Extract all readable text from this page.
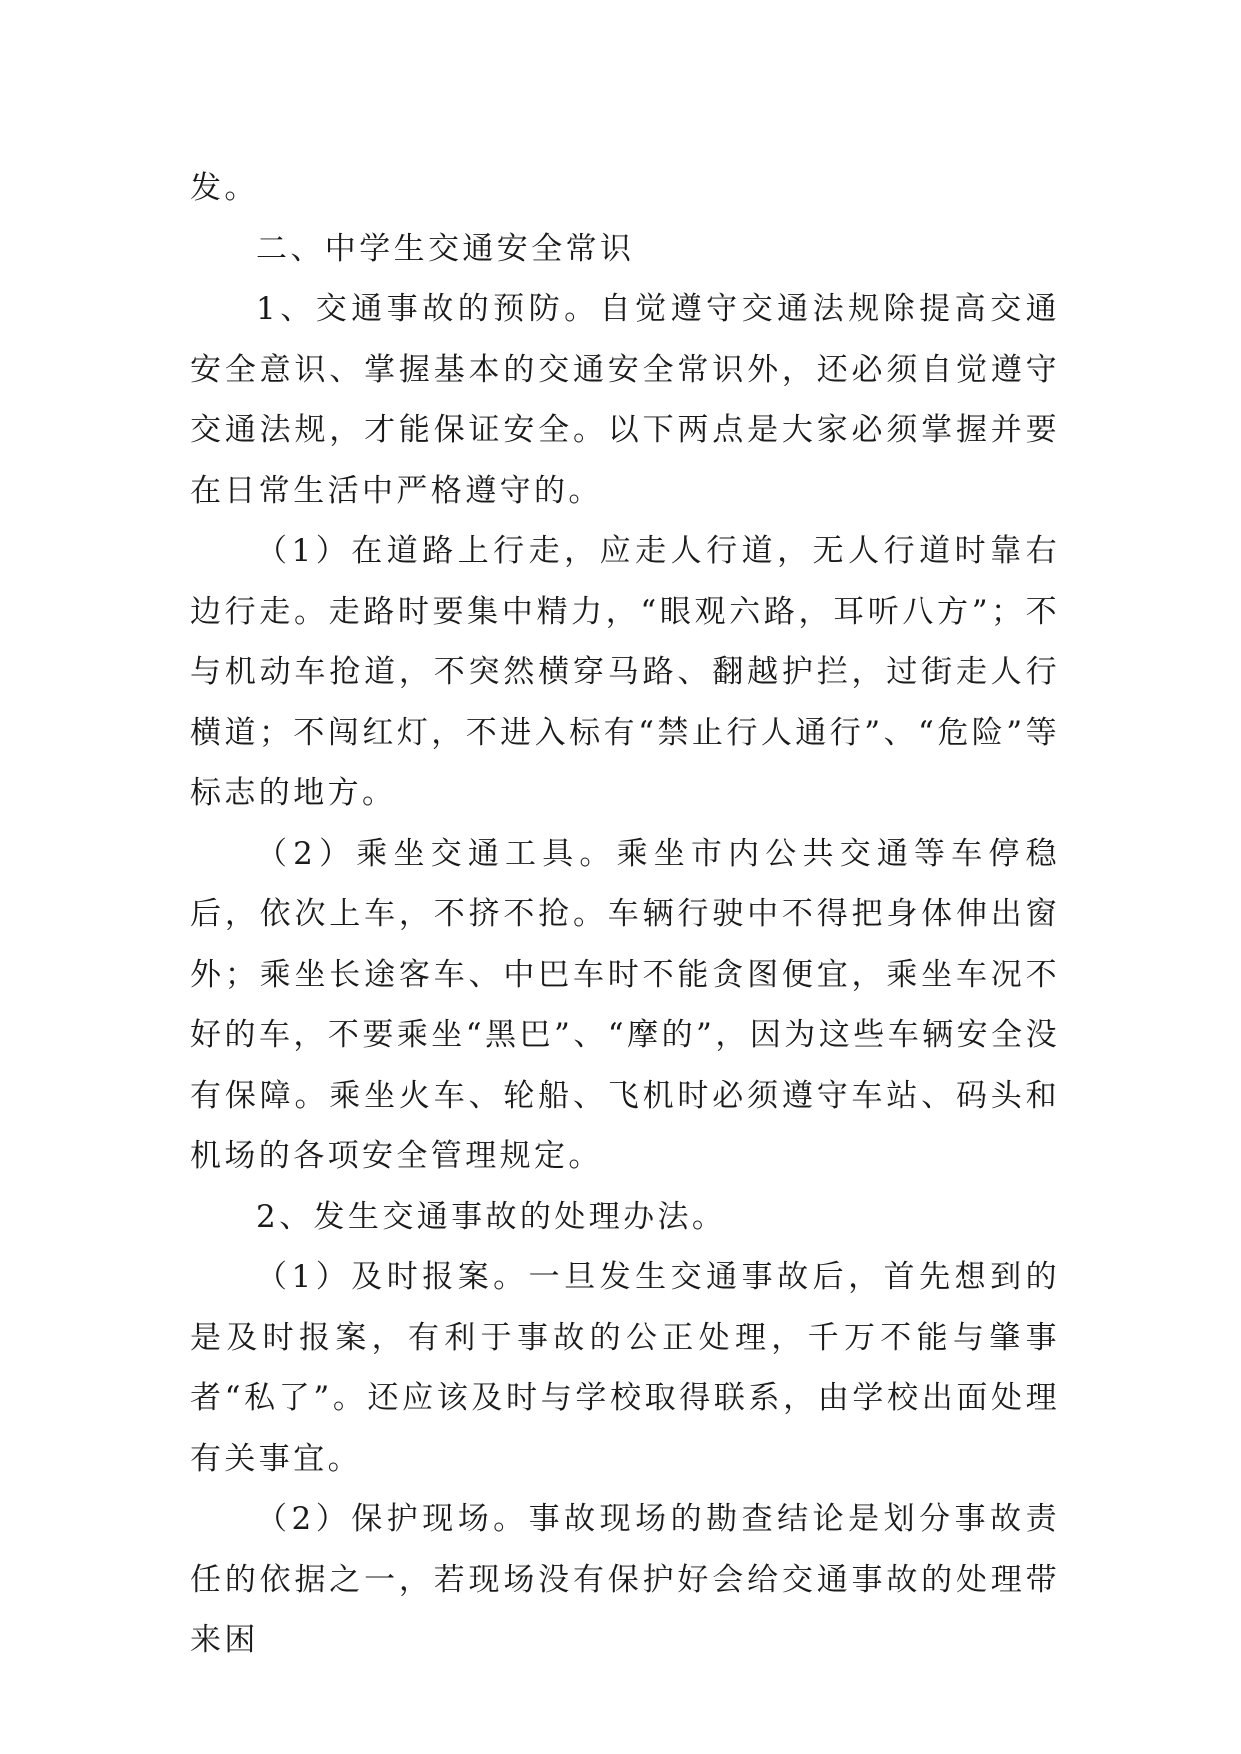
发。

二、中学生交通安全常识

1、交通事故的预防。自觉遵守交通法规除提高交通安全意识、掌握基本的交通安全常识外，还必须自觉遵守交通法规，才能保证安全。以下两点是大家必须掌握并要在日常生活中严格遵守的。

（1）在道路上行走，应走人行道，无人行道时靠右边行走。走路时要集中精力，“眼观六路，耳听八方”；不与机动车抢道，不突然横穿马路、翻越护拦，过街走人行横道；不闯红灯，不进入标有“禁止行人通行”、“危险”等标志的地方。

（2）乘坐交通工具。乘坐市内公共交通等车停稳后，依次上车，不挤不抢。车辆行驶中不得把身体伸出窗外；乘坐长途客车、中巴车时不能贪图便宜，乘坐车况不好的车，不要乘坐“黑巴”、“摩的”，因为这些车辆安全没有保障。乘坐火车、轮船、飞机时必须遵守车站、码头和机场的各项安全管理规定。

2、发生交通事故的处理办法。

（1）及时报案。一旦发生交通事故后，首先想到的是及时报案，有利于事故的公正处理，千万不能与肇事者“私了”。还应该及时与学校取得联系，由学校出面处理有关事宜。

（2）保护现场。事故现场的勘查结论是划分事故责任的依据之一，若现场没有保护好会给交通事故的处理带来困
